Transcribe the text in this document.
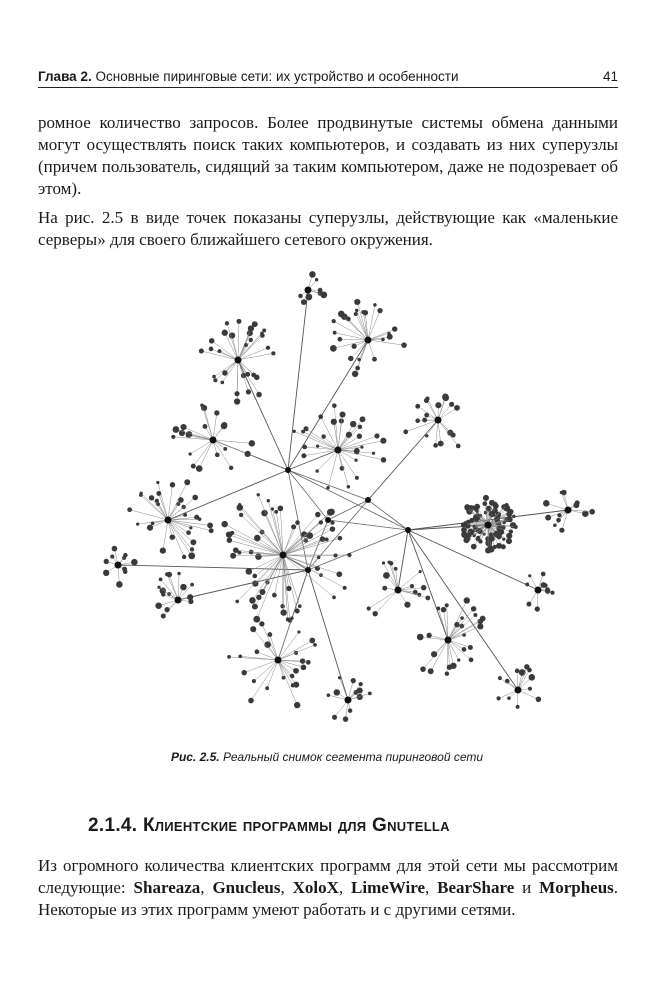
Глава 2. Основные пиринговые сети: их устройство и особенности	41

ромное количество запросов. Более продвинутые системы обмена данными могут осуществлять поиск таких компьютеров, и создавать из них суперузлы (причем пользователь, сидящий за таким компьютером, даже не подозревает об этом).

На рис. 2.5 в виде точек показаны суперузлы, действующие как «маленькие серверы» для своего ближайшего сетевого окружения.

Рис. 2.5. Реальный снимок сегмента пиринговой сети
2.1.4. Клиентские программы для Gnutella

Из огромного количества клиентских программ для этой сети мы рассмотрим следующие: Shareaza, Gnucleus, XoloX, LimeWire, BearShare и Morpheus. Некоторые из этих программ умеют работать и с другими сетями.
